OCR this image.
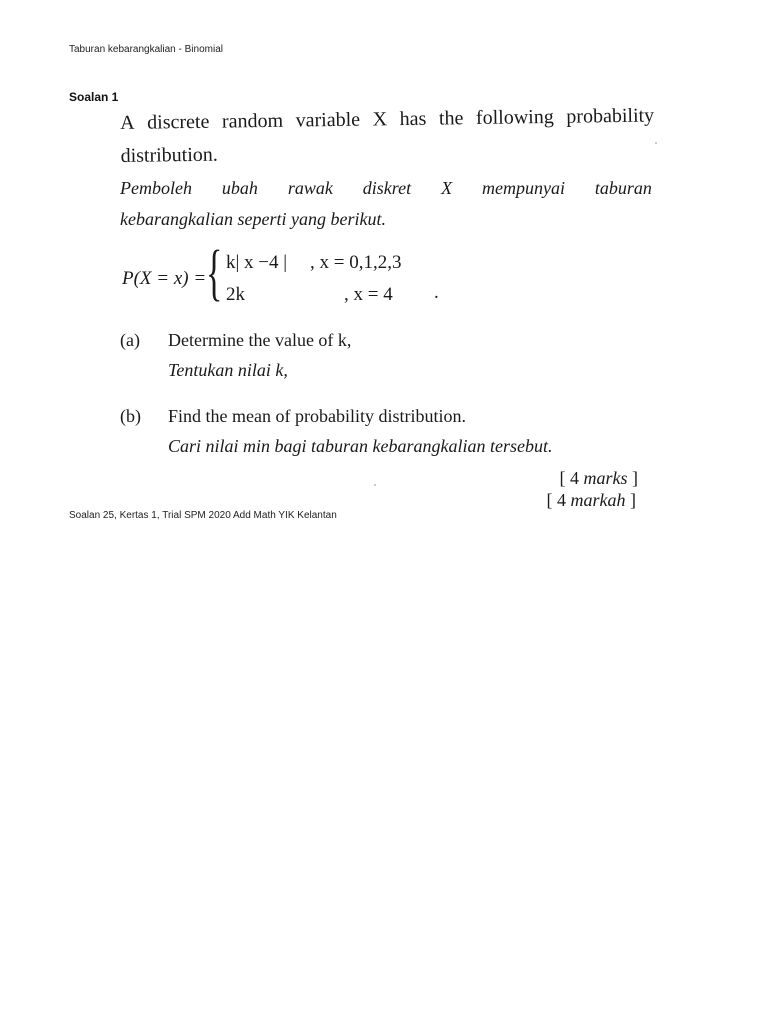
Taburan kebarangkalian - Binomial
Soalan 1
A discrete random variable X has the following probability
distribution.
Pemboleh ubah rawak diskret X mempunyai taburan
kebarangkalian seperti yang berikut.
P(X = x) = { k| x −4 | , x = 0,1,2,3
2k	, x = 4 .
(a) Determine the value of k,
Tentukan nilai k,
(b) Find the mean of probability distribution.
Cari nilai min bagi taburan kebarangkalian tersebut.
[ 4 marks ]
[ 4 markah ]
Soalan 25, Kertas 1, Trial SPM 2020 Add Math YIK Kelantan
